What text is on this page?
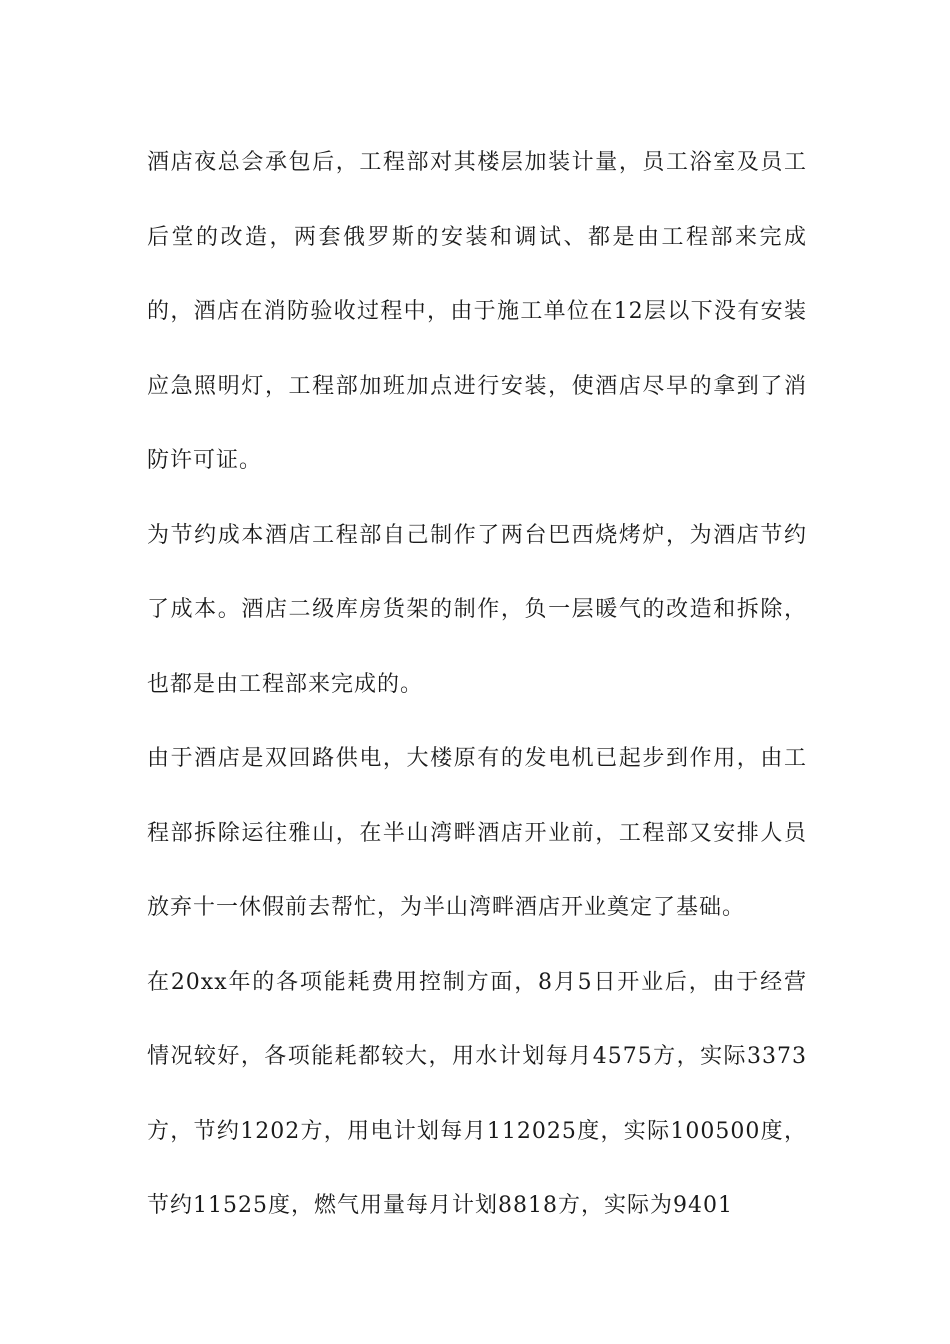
酒店夜总会承包后，工程部对其楼层加装计量，员工浴室及员工后堂的改造，两套俄罗斯的安装和调试、都是由工程部来完成的，酒店在消防验收过程中，由于施工单位在12层以下没有安装应急照明灯，工程部加班加点进行安装，使酒店尽早的拿到了消防许可证。

为节约成本酒店工程部自己制作了两台巴西烧烤炉，为酒店节约了成本。酒店二级库房货架的制作，负一层暖气的改造和拆除，也都是由工程部来完成的。

由于酒店是双回路供电，大楼原有的发电机已起步到作用，由工程部拆除运往雅山，在半山湾畔酒店开业前，工程部又安排人员放弃十一休假前去帮忙，为半山湾畔酒店开业奠定了基础。

在20xx年的各项能耗费用控制方面，8月5日开业后，由于经营情况较好，各项能耗都较大，用水计划每月4575方，实际3373方，节约1202方，用电计划每月112025度，实际100500度，节约11525度，燃气用量每月计划8818方，实际为9401
